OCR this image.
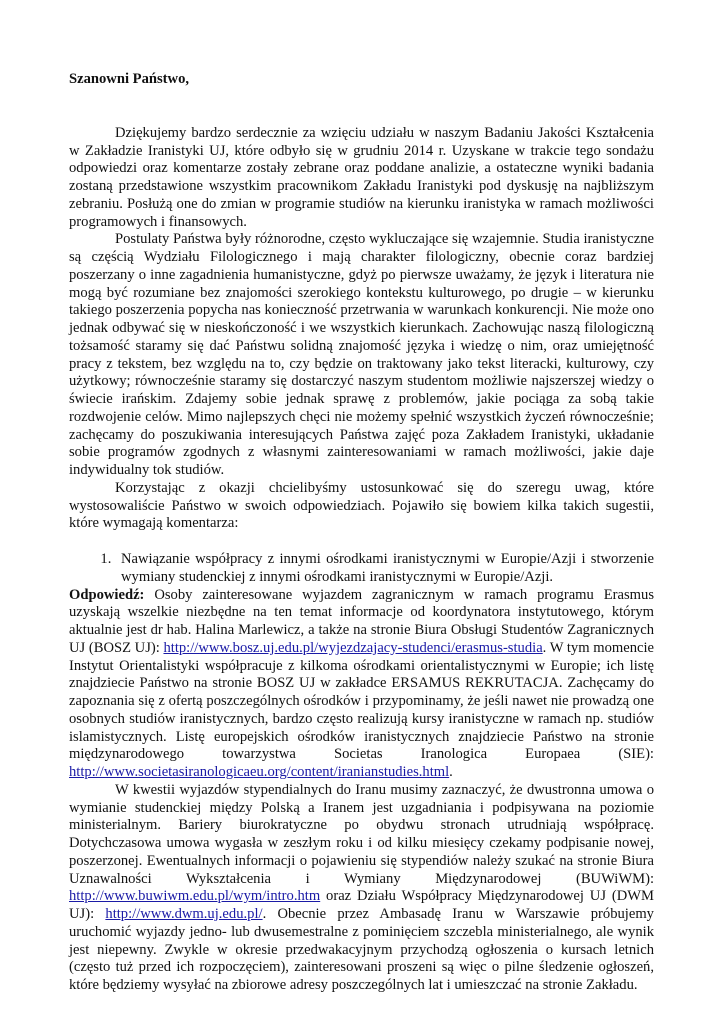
Szanowni Państwo,

Dziękujemy bardzo serdecznie za wzięciu udziału w naszym Badaniu Jakości Kształcenia w Zakładzie Iranistyki UJ, które odbyło się w grudniu 2014 r. Uzyskane w trakcie tego sondażu odpowiedzi oraz komentarze zostały zebrane oraz poddane analizie, a ostateczne wyniki badania zostaną przedstawione wszystkim pracownikom Zakładu Iranistyki pod dyskusję na najbliższym zebraniu. Posłużą one do zmian w programie studiów na kierunku iranistyka w ramach możliwości programowych i finansowych.

Postulaty Państwa były różnorodne, często wykluczające się wzajemnie. Studia iranistyczne są częścią Wydziału Filologicznego i mają charakter filologiczny, obecnie coraz bardziej poszerzany o inne zagadnienia humanistyczne, gdyż po pierwsze uważamy, że język i literatura nie mogą być rozumiane bez znajomości szerokiego kontekstu kulturowego, po drugie – w kierunku takiego poszerzenia popycha nas konieczność przetrwania w warunkach konkurencji. Nie może ono jednak odbywać się w nieskończoność i we wszystkich kierunkach. Zachowując naszą filologiczną tożsamość staramy się dać Państwu solidną znajomość języka i wiedzę o nim, oraz umiejętność pracy z tekstem, bez względu na to, czy będzie on traktowany jako tekst literacki, kulturowy, czy użytkowy; równocześnie staramy się dostarczyć naszym studentom możliwie najszerszej wiedzy o świecie irańskim. Zdajemy sobie jednak sprawę z problemów, jakie pociąga za sobą takie rozdwojenie celów. Mimo najlepszych chęci nie możemy spełnić wszystkich życzeń równocześnie; zachęcamy do poszukiwania interesujących Państwa zajęć poza Zakładem Iranistyki, układanie sobie programów zgodnych z własnymi zainteresowaniami w ramach możliwości, jakie daje indywidualny tok studiów.

Korzystając z okazji chcielibyśmy ustosunkować się do szeregu uwag, które wystosowaliście Państwo w swoich odpowiedziach. Pojawiło się bowiem kilka takich sugestii, które wymagają komentarza:

1. Nawiązanie współpracy z innymi ośrodkami iranistycznymi w Europie/Azji i stworzenie wymiany studenckiej z innymi ośrodkami iranistycznymi w Europie/Azji.

Odpowiedź: Osoby zainteresowane wyjazdem zagranicznym w ramach programu Erasmus uzyskają wszelkie niezbędne na ten temat informacje od koordynatora instytutowego, którym aktualnie jest dr hab. Halina Marlewicz, a także na stronie Biura Obsługi Studentów Zagranicznych UJ (BOSZ UJ): http://www.bosz.uj.edu.pl/wyjezdzajacy-studenci/erasmus-studia. W tym momencie Instytut Orientalistyki współpracuje z kilkoma ośrodkami orientalistycznymi w Europie; ich listę znajdziecie Państwo na stronie BOSZ UJ w zakładce ERSAMUS REKRUTACJA. Zachęcamy do zapoznania się z ofertą poszczególnych ośrodków i przypominamy, że jeśli nawet nie prowadzą one osobnych studiów iranistycznych, bardzo często realizują kursy iranistyczne w ramach np. studiów islamistycznych. Listę europejskich ośrodków iranistycznych znajdziecie Państwo na stronie międzynarodowego towarzystwa Societas Iranologica Europaea (SIE): http://www.societasiranologicaeu.org/content/iranianstudies.html.

W kwestii wyjazdów stypendialnych do Iranu musimy zaznaczyć, że dwustronna umowa o wymianie studenckiej między Polską a Iranem jest uzgadniania i podpisywana na poziomie ministerialnym. Bariery biurokratyczne po obydwu stronach utrudniają współpracę. Dotychczasowa umowa wygasła w zeszłym roku i od kilku miesięcy czekamy podpisanie nowej, poszerzonej. Ewentualnych informacji o pojawieniu się stypendiów należy szukać na stronie Biura Uznawalności Wykształcenia i Wymiany Międzynarodowej (BUWiWM): http://www.buwiwm.edu.pl/wym/intro.htm oraz Działu Współpracy Międzynarodowej UJ (DWM UJ): http://www.dwm.uj.edu.pl/. Obecnie przez Ambasadę Iranu w Warszawie próbujemy uruchomić wyjazdy jedno- lub dwusemestralne z pominięciem szczebla ministerialnego, ale wynik jest niepewny. Zwykle w okresie przedwakacyjnym przychodzą ogłoszenia o kursach letnich (często tuż przed ich rozpoczęciem), zainteresowani proszeni są więc o pilne śledzenie ogłoszeń, które będziemy wysyłać na zbiorowe adresy poszczególnych lat i umieszczać na stronie Zakładu.
